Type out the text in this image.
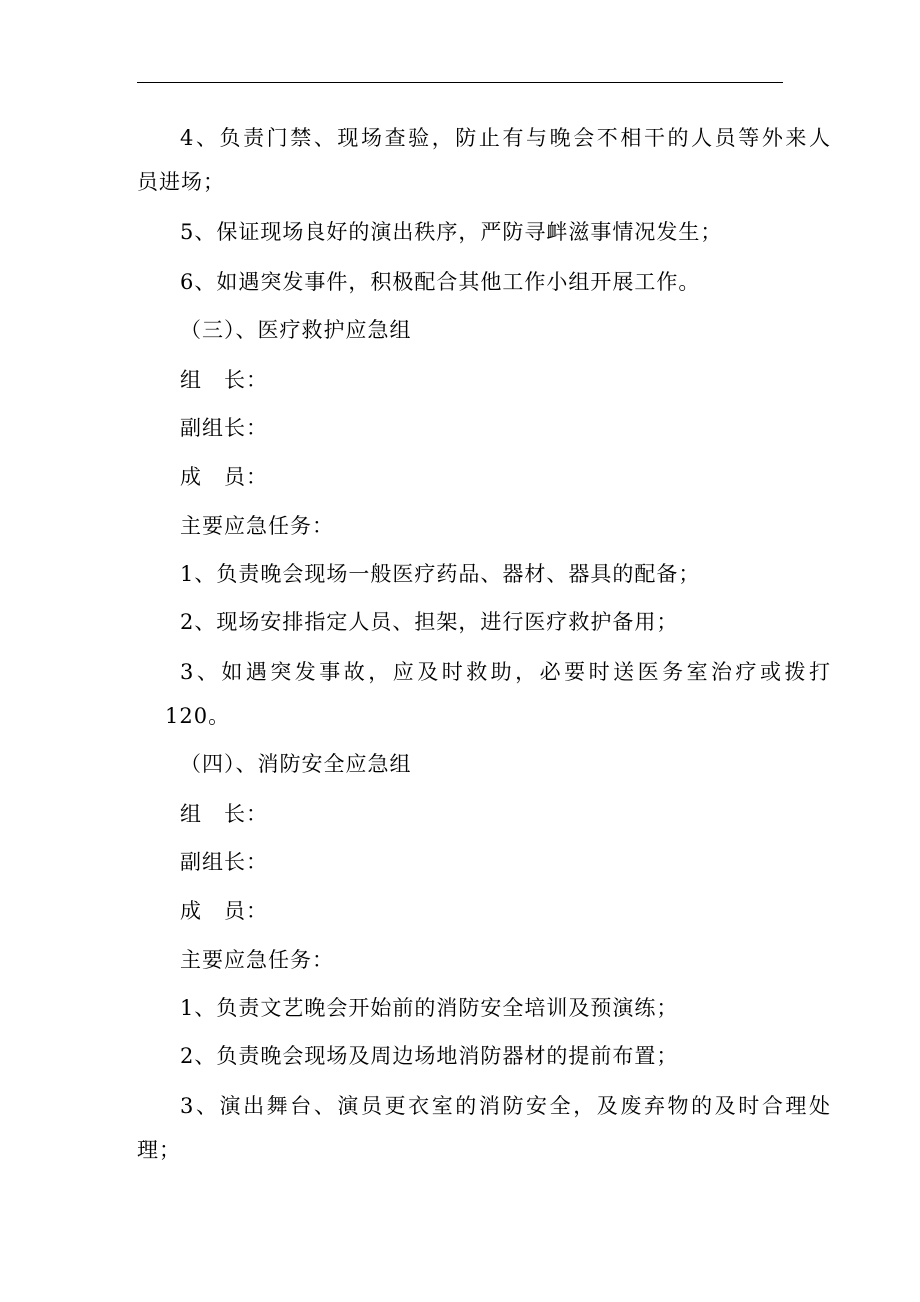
4、负责门禁、现场查验，防止有与晚会不相干的人员等外来人
员进场；
5、保证现场良好的演出秩序，严防寻衅滋事情况发生；
6、如遇突发事件，积极配合其他工作小组开展工作。
（三）、医疗救护应急组
组　长：
副组长：
成　员：
主要应急任务：
1、负责晚会现场一般医疗药品、器材、器具的配备；
2、现场安排指定人员、担架，进行医疗救护备用；
3、如遇突发事故，应及时救助，必要时送医务室治疗或拨打
120。
（四）、消防安全应急组
组　长：
副组长：
成　员：
主要应急任务：
1、负责文艺晚会开始前的消防安全培训及预演练；
2、负责晚会现场及周边场地消防器材的提前布置；
3、演出舞台、演员更衣室的消防安全，及废弃物的及时合理处
理；
